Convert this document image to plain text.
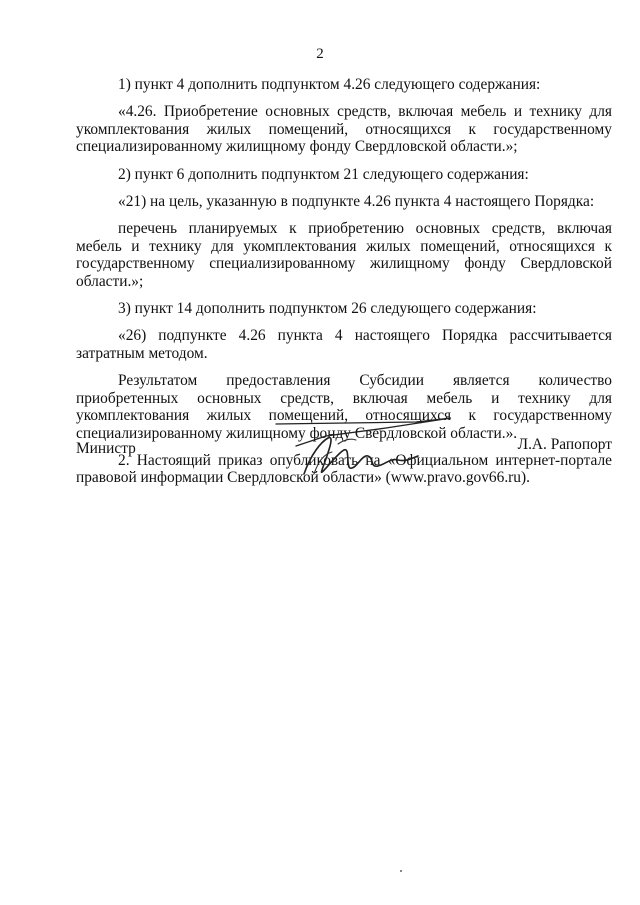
2

1) пункт 4 дополнить подпунктом 4.26 следующего содержания:

«4.26. Приобретение основных средств, включая мебель и технику для укомплектования жилых помещений, относящихся к государственному специализированному жилищному фонду Свердловской области.»;

2) пункт 6 дополнить подпунктом 21 следующего содержания:

«21) на цель, указанную в подпункте 4.26 пункта 4 настоящего Порядка:

перечень планируемых к приобретению основных средств, включая мебель и технику для укомплектования жилых помещений, относящихся к государственному специализированному жилищному фонду Свердловской области.»;

3) пункт 14 дополнить подпунктом 26 следующего содержания:

«26) подпункте 4.26 пункта 4 настоящего Порядка рассчитывается затратным методом.

Результатом предоставления Субсидии является количество приобретенных основных средств, включая мебель и технику для укомплектования жилых помещений, относящихся к государственному специализированному жилищному фонду Свердловской области.».

2. Настоящий приказ опубликовать на «Официальном интернет-портале правовой информации Свердловской области» (www.pravo.gov66.ru).

Министр	Л.А. Рапопорт
